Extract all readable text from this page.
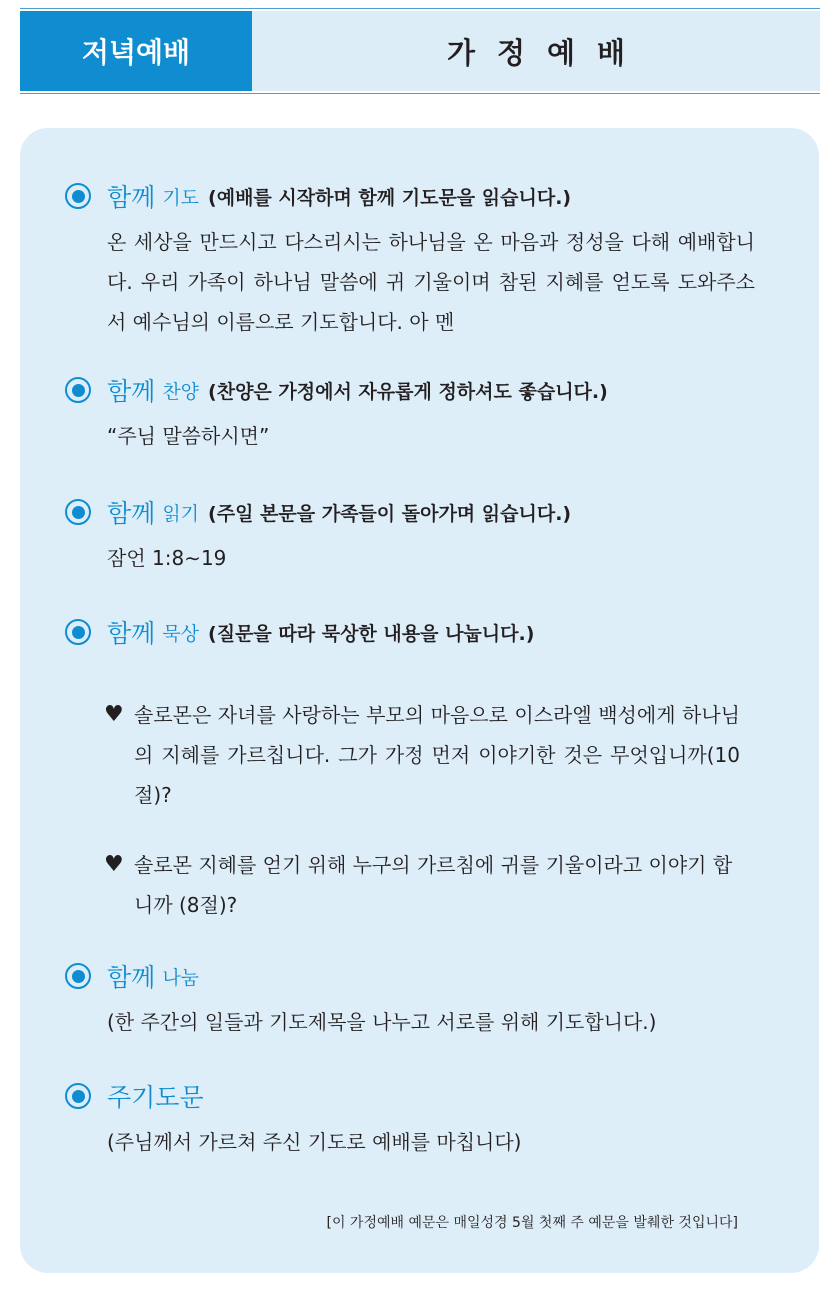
저녁예배	가정예배
함께 기도 (예배를 시작하며 함께 기도문을 읽습니다.)
온 세상을 만드시고 다스리시는 하나님을 온 마음과 정성을 다해 예배합니다. 우리 가족이 하나님 말씀에 귀 기울이며 참된 지혜를 얻도록 도와주소서 예수님의 이름으로 기도합니다. 아 멘
함께 찬양 (찬양은 가정에서 자유롭게 정하셔도 좋습니다.)
“주님 말씀하시면”
함께 읽기 (주일 본문을 가족들이 돌아가며 읽습니다.)
잠언 1:8∼19
함께 묵상 (질문을 따라 묵상한 내용을 나눕니다.)
♥ 솔로몬은 자녀를 사랑하는 부모의 마음으로 이스라엘 백성에게 하나님의 지혜를 가르칩니다. 그가 가정 먼저 이야기한 것은 무엇입니까(10절)?
♥ 솔로몬 지혜를 얻기 위해 누구의 가르침에 귀를 기울이라고 이야기 합니까 (8절)?
함께 나눔
(한 주간의 일들과 기도제목을 나누고 서로를 위해 기도합니다.)
주기도문
(주님께서 가르쳐 주신 기도로 예배를 마칩니다)
[이 가정예배 예문은 매일성경 5월 첫째 주 예문을 발췌한 것입니다]
